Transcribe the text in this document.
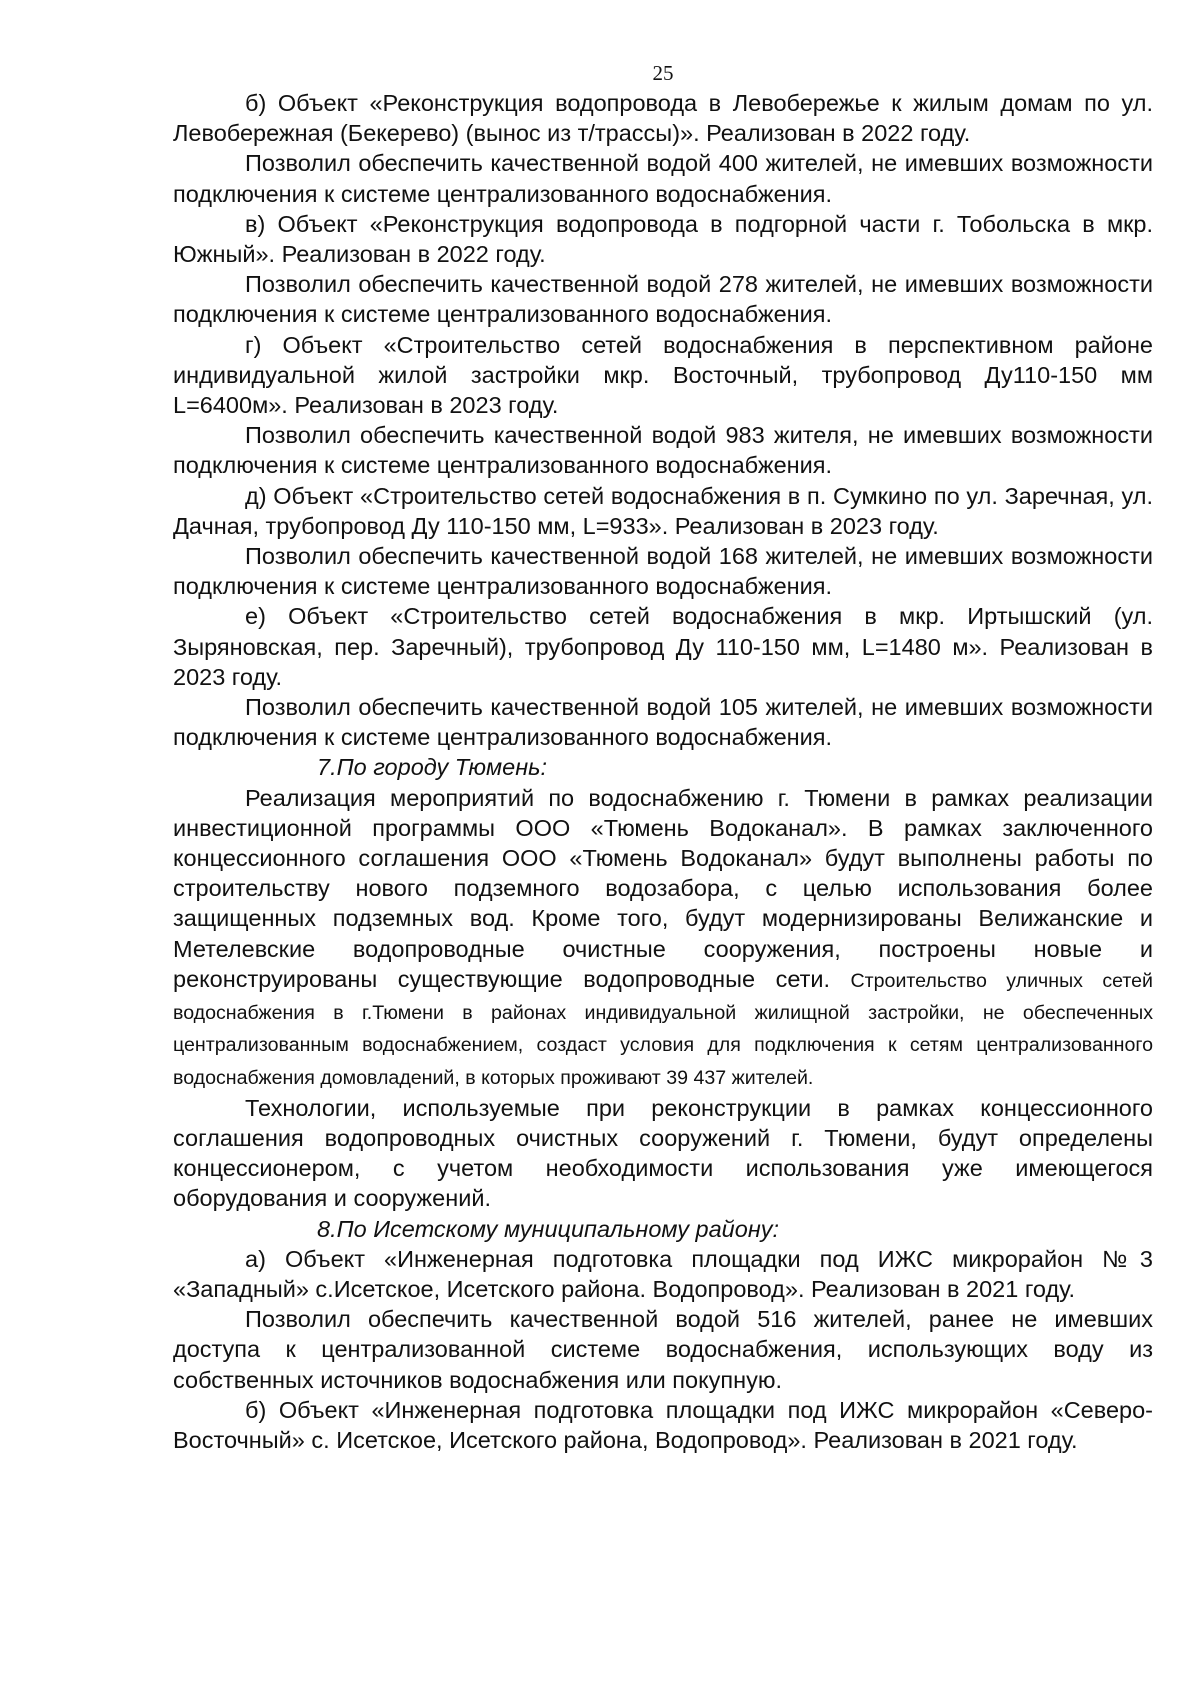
25

б) Объект «Реконструкция водопровода в Левобережье к жилым домам по ул. Левобережная (Бекерево) (вынос из т/трассы)». Реализован в 2022 году.

Позволил обеспечить качественной водой 400 жителей, не имевших возможности подключения к системе централизованного водоснабжения.

в) Объект «Реконструкция водопровода в подгорной части г. Тобольска в мкр. Южный». Реализован в 2022 году.

Позволил обеспечить качественной водой 278 жителей, не имевших возможности подключения к системе централизованного водоснабжения.

г) Объект «Строительство сетей водоснабжения в перспективном районе индивидуальной жилой застройки мкр. Восточный, трубопровод Ду110-150 мм L=6400м». Реализован в 2023 году.

Позволил обеспечить качественной водой 983 жителя, не имевших возможности подключения к системе централизованного водоснабжения.

д) Объект «Строительство сетей водоснабжения в п. Сумкино по ул. Заречная, ул. Дачная, трубопровод Ду 110-150 мм, L=933». Реализован в 2023 году.

Позволил обеспечить качественной водой 168 жителей, не имевших возможности подключения к системе централизованного водоснабжения.

е) Объект «Строительство сетей водоснабжения в мкр. Иртышский (ул. Зыряновская, пер. Заречный), трубопровод Ду 110-150 мм, L=1480 м». Реализован в 2023 году.

Позволил обеспечить качественной водой 105 жителей, не имевших возможности подключения к системе централизованного водоснабжения.

7.По городу Тюмень:

Реализация мероприятий по водоснабжению г. Тюмени в рамках реализации инвестиционной программы ООО «Тюмень Водоканал». В рамках заключенного концессионного соглашения ООО «Тюмень Водоканал» будут выполнены работы по строительству нового подземного водозабора, с целью использования более защищенных подземных вод. Кроме того, будут модернизированы Велижанские и Метелевские водопроводные очистные сооружения, построены новые и реконструированы существующие водопроводные сети. Строительство уличных сетей водоснабжения в г.Тюмени в районах индивидуальной жилищной застройки, не обеспеченных централизованным водоснабжением, создаст условия для подключения к сетям централизованного водоснабжения домовладений, в которых проживают 39 437 жителей.

Технологии, используемые при реконструкции в рамках концессионного соглашения водопроводных очистных сооружений г. Тюмени, будут определены концессионером, с учетом необходимости использования уже имеющегося оборудования и сооружений.

8.По Исетскому муниципальному району:

а) Объект «Инженерная подготовка площадки под ИЖС микрорайон №3 «Западный» с.Исетское, Исетского района. Водопровод». Реализован в 2021 году.

Позволил обеспечить качественной водой 516 жителей, ранее не имевших доступа к централизованной системе водоснабжения, использующих воду из собственных источников водоснабжения или покупную.

б) Объект «Инженерная подготовка площадки под ИЖС микрорайон «Северо-Восточный» с. Исетское, Исетского района, Водопровод». Реализован в 2021 году.
